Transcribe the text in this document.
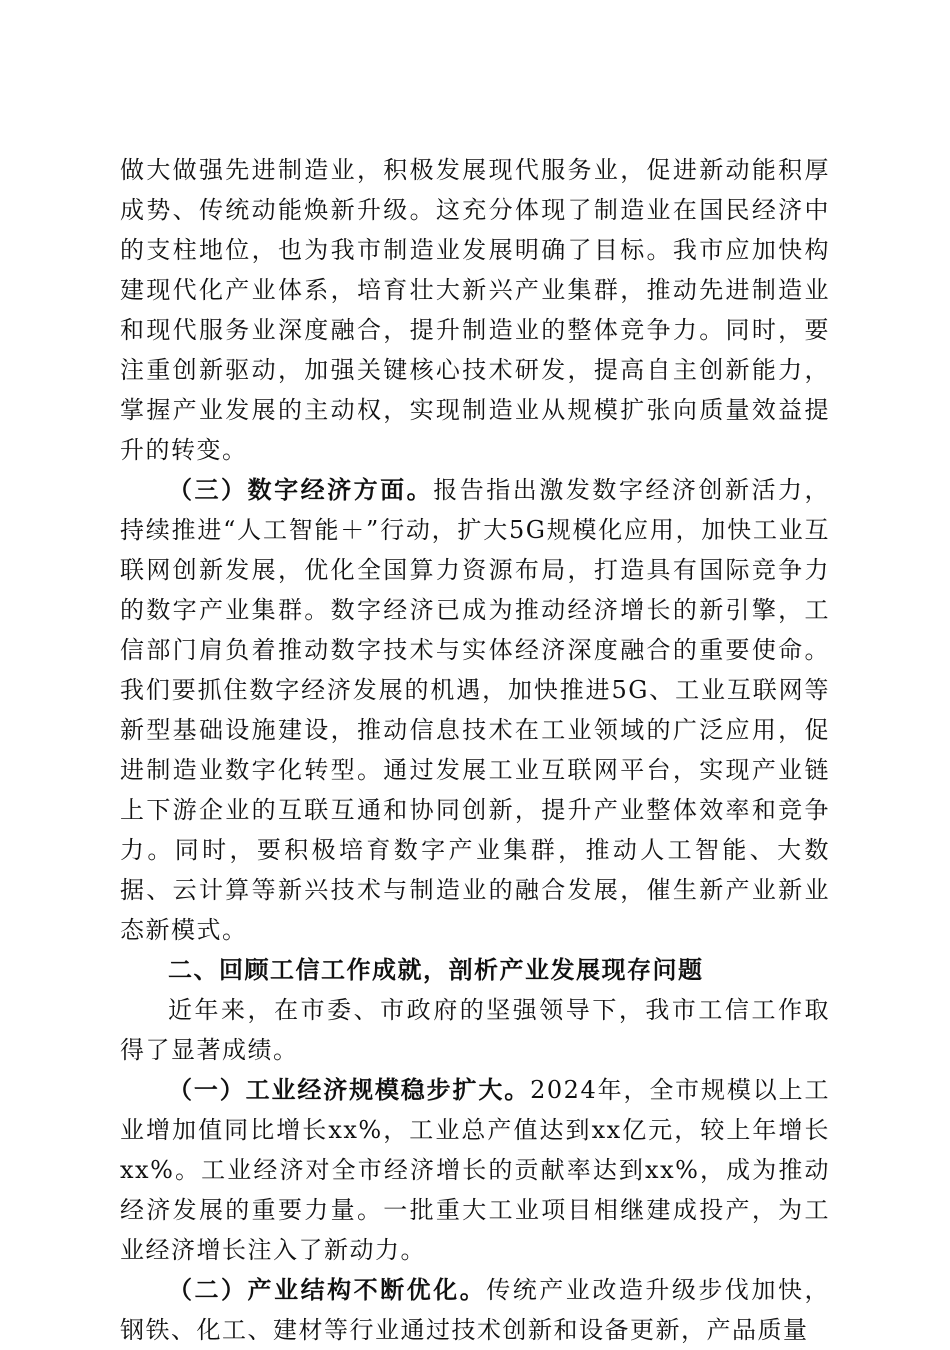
做大做强先进制造业，积极发展现代服务业，促进新动能积厚成势、传统动能焕新升级。这充分体现了制造业在国民经济中的支柱地位，也为我市制造业发展明确了目标。我市应加快构建现代化产业体系，培育壮大新兴产业集群，推动先进制造业和现代服务业深度融合，提升制造业的整体竞争力。同时，要注重创新驱动，加强关键核心技术研发，提高自主创新能力，掌握产业发展的主动权，实现制造业从规模扩张向质量效益提升的转变。

（三）数字经济方面。报告指出激发数字经济创新活力，持续推进“人工智能＋”行动，扩大5G规模化应用，加快工业互联网创新发展，优化全国算力资源布局，打造具有国际竞争力的数字产业集群。数字经济已成为推动经济增长的新引擎，工信部门肩负着推动数字技术与实体经济深度融合的重要使命。我们要抓住数字经济发展的机遇，加快推进5G、工业互联网等新型基础设施建设，推动信息技术在工业领域的广泛应用，促进制造业数字化转型。通过发展工业互联网平台，实现产业链上下游企业的互联互通和协同创新，提升产业整体效率和竞争力。同时，要积极培育数字产业集群，推动人工智能、大数据、云计算等新兴技术与制造业的融合发展，催生新产业新业态新模式。

二、回顾工信工作成就，剖析产业发展现存问题

近年来，在市委、市政府的坚强领导下，我市工信工作取得了显著成绩。

（一）工业经济规模稳步扩大。2024年，全市规模以上工业增加值同比增长xx%，工业总产值达到xx亿元，较上年增长xx%。工业经济对全市经济增长的贡献率达到xx%，成为推动经济发展的重要力量。一批重大工业项目相继建成投产，为工业经济增长注入了新动力。

（二）产业结构不断优化。传统产业改造升级步伐加快，钢铁、化工、建材等行业通过技术创新和设备更新，产品质量
